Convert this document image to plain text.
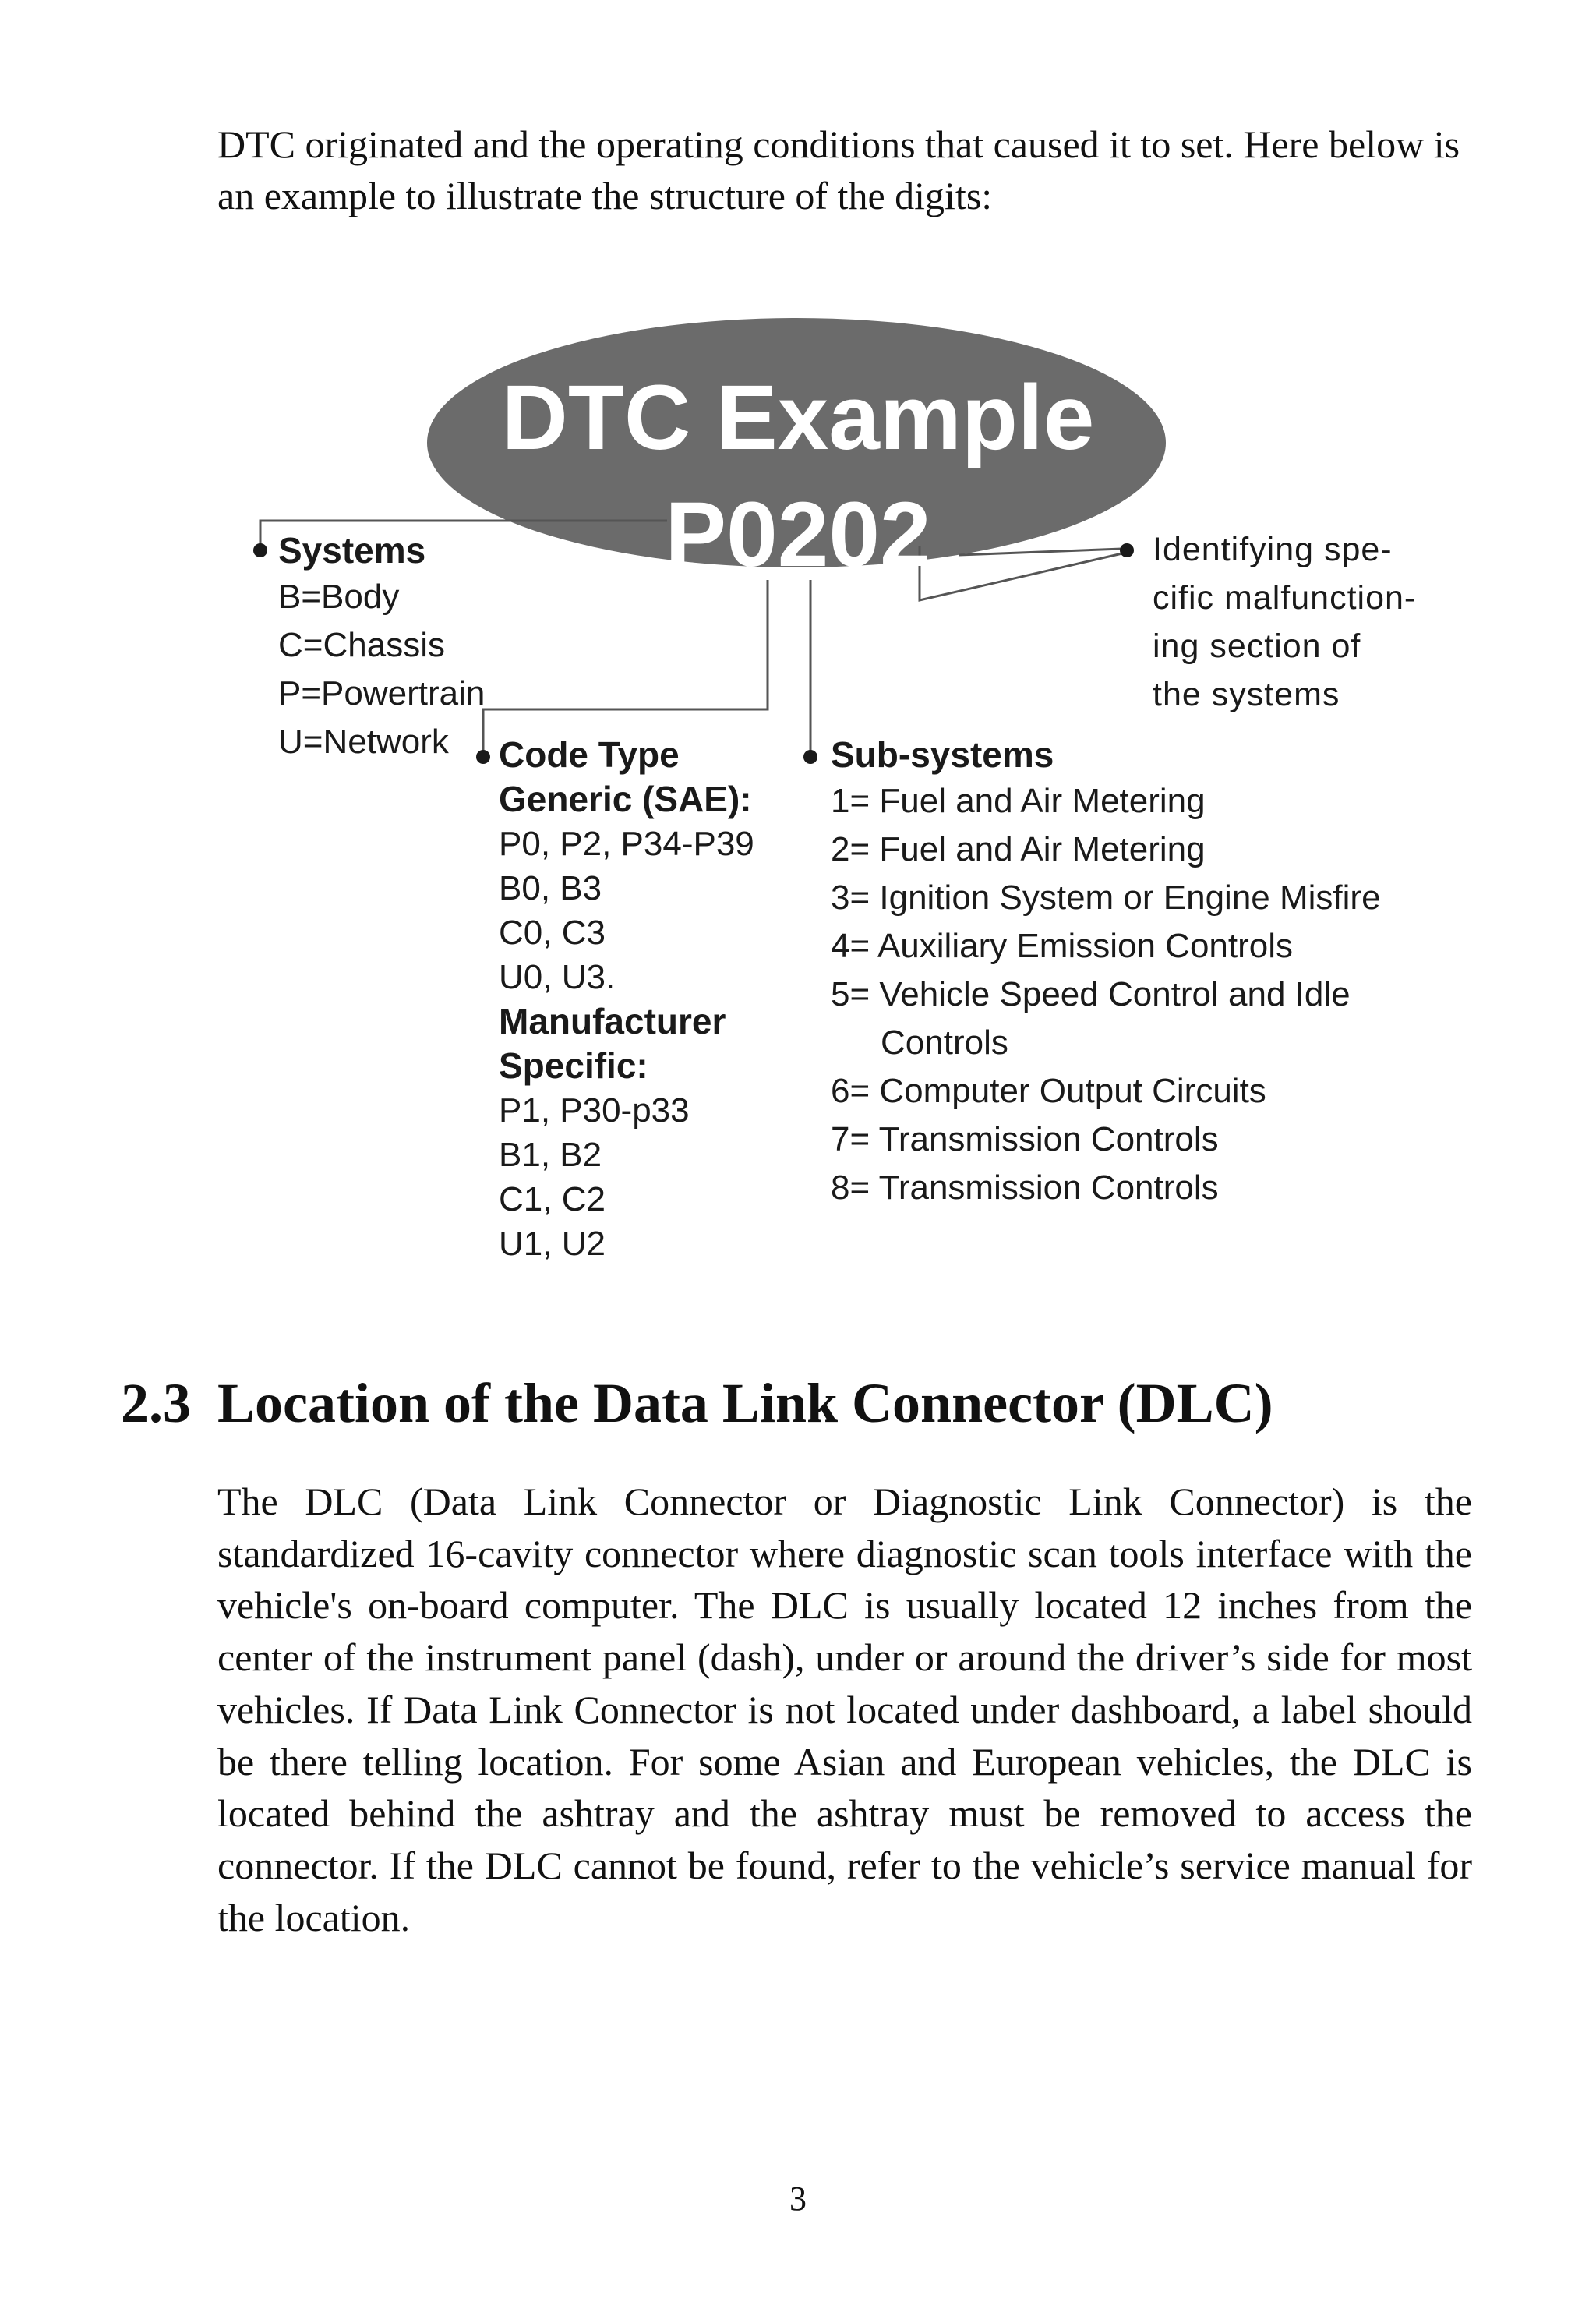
DTC originated and the operating conditions that caused it to set. Here below is an example to illustrate the structure of the digits:
DTC Example
P0202
Systems
B=Body
C=Chassis
P=Powertrain
U=Network	Code Type
Generic (SAE):
P0, P2, P34-P39
B0, B3
C0, C3
U0, U3.
Manufacturer
Specific:
P1, P30-p33
B1, B2
C1, C2
U1, U2
Sub-systems
1= Fuel and Air Metering
2= Fuel and Air Metering
3= Ignition System or Engine Misfire
4= Auxiliary Emission Controls
5= Vehicle Speed Control and Idle
Controls
6= Computer Output Circuits
7= Transmission Controls
8= Transmission Controls
Identifying spe-
cific malfunction-
ing section of
the systems
2.3 Location of the Data Link Connector (DLC)
The DLC (Data Link Connector or Diagnostic Link Connector) is the standardized 16-cavity connector where diagnostic scan tools interface with the vehicle's on-board computer. The DLC is usually located 12 inches from the center of the instrument panel (dash), under or around the driver’s side for most vehicles. If Data Link Connector is not located under dashboard, a label should be there telling location. For some Asian and European vehicles, the DLC is located behind the ashtray and the ashtray must be removed to access the connector. If the DLC cannot be found, refer to the vehicle’s service manual for the location.
3
